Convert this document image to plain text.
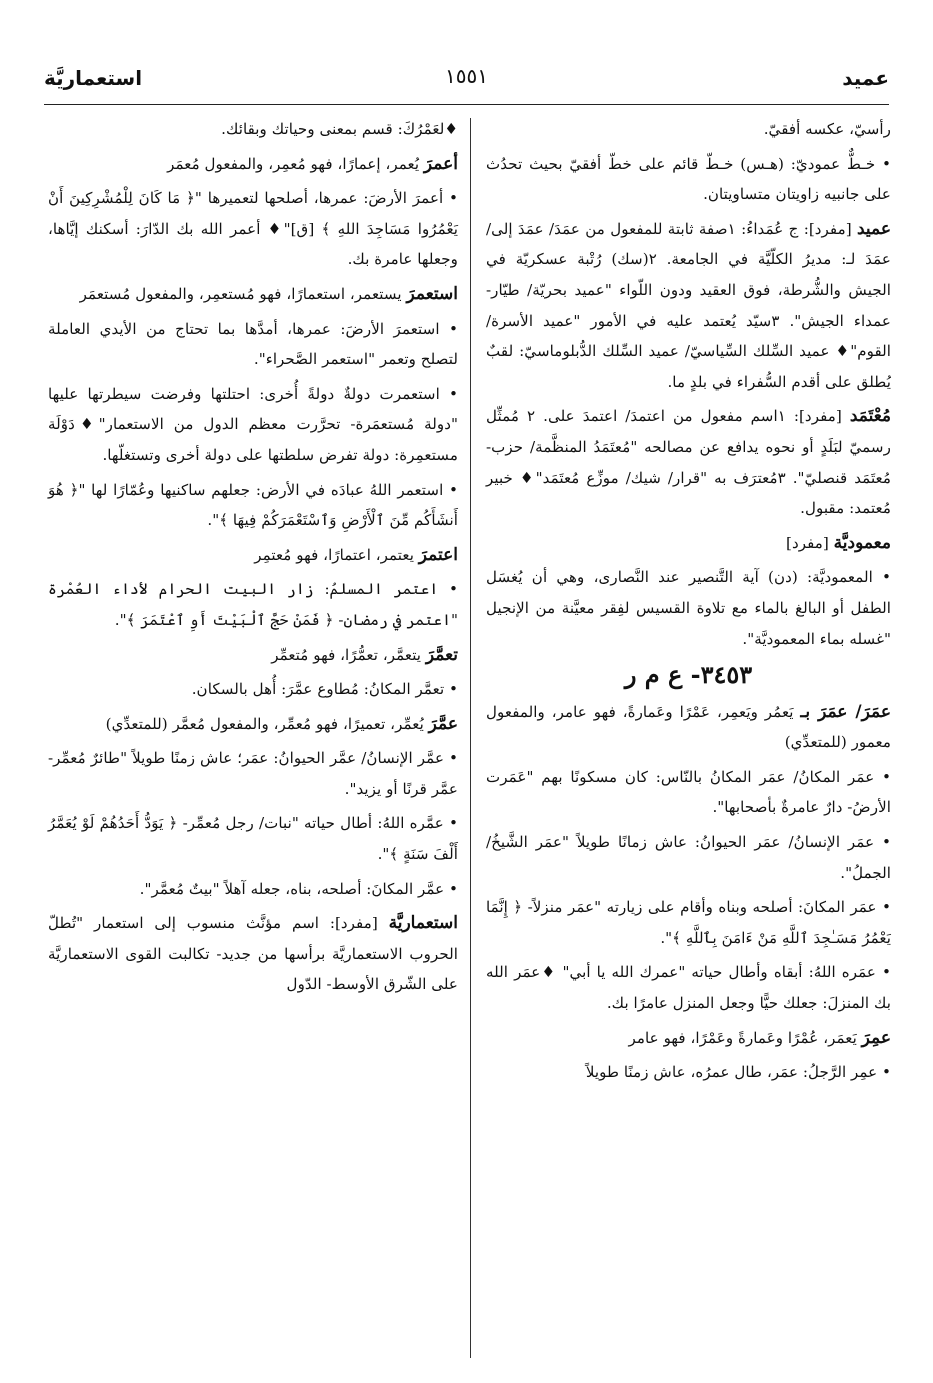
عميد
١٥٥١
استعماريَّة

رأسيّ، عكسه أفقيّ.

• خـطٌّ عموديّ: (هـس) خـطّ قائم على خطّ أفقيّ بحيث تحدُث على جانبيه زاويتان متساويتان.

عميد [مفرد]: ج عُمَداءُ: ١صفة ثابتة للمفعول من عمَدَ/ عمَدَ إلى/ عمَدَ لـ: مديرُ الكلّيَّة في الجامعة. ٢(سك) رُتْبة عسكريّة في الجيش والشُّرطة، فوق العقيد ودون اللّواء "عميد بحريّة/ طيّار- عمداء الجيش". ٣سيّد يُعتمد عليه في الأمور "عميد الأسرة/ القوم"♦ عميد السِّلك السِّياسيّ/ عميد السِّلك الدُّبلوماسيّ: لقبٌ يُطلق على أقدم السُّفراء في بلدٍ ما.

مُعْتَمَد [مفرد]: ١اسم مفعول من اعتمدَ/ اعتمدَ على. ٢ مُمثِّل رسميّ لبَلَدٍ أو نحوه يدافع عن مصالحه "مُعتَمَدُ المنظَّمة/ حزب- مُعتَمَد قنصليّ". ٣مُعترَف به "قرار/ شيك/ موزِّع مُعتَمَد"♦ خبير مُعتمد: مقبول.

معموديَّة [مفرد]

• المعموديَّة: (دن) آية التَّنصير عند النَّصارى، وهي أن يُغسَل الطفل أو البالغ بالماء مع تلاوة القسيس لفِقر معيَّنة من الإنجيل "غسله بماء المعموديَّة".

٣٤٥٣- ع م ر

عمَرَ/ عمَرَ بـ يَعمُر ويَعمِر، عَمْرًا وعَمارةً، فهو عامر، والمفعول معمور (للمتعدِّي)

• عمَر المكانُ/ عمَر المكانُ بالنّاس: كان مسكونًا بهم "عَمَرت الأرضُ- دارٌ عامرةٌ بأصحابها".

• عمَر الإنسانُ/ عمَر الحيوانُ: عاش زمانًا طويلاً "عمَر الشَّيخُ/ الجملُ".

• عمَر المكانَ: أصلحه وبناه وأقام على زيارته "عمَر منزلاً- ﴿ إِنَّمَا يَعْمُرُ مَسَـٰجِدَ ٱللَّهِ مَنْ ءَامَنَ بِٱللَّهِ ﴾".

• عمَره اللهُ: أبقاه وأطال حياته "عمرك الله يا أبي" ♦عمَر الله بك المنزلَ: جعلك حيًّا وجعل المنزل عامرًا بك.

عمِرَ يَعمَر، عُمْرًا وعَمارةً وعَمْرًا، فهو عامر

• عمِر الرَّجلُ: عمَر، طال عمرُه، عاش زمنًا طويلاً

♦لعَمْرُكَ: قسم بمعنى وحياتك وبقائك.

أعمرَ يُعمر، إعمارًا، فهو مُعمِر، والمفعول مُعمَر

• أعمرَ الأرضَ: عمرها، أصلحها لتعميرها "﴿ مَا كَانَ لِلْمُشْرِكِينَ أَنْ يَعْمُرُوا مَسَاجِدَ اللهِ ﴾ [ق]"♦ أعمر الله بك الدّارَ: أسكنك إيَّاها، وجعلها عامرة بك.

استعمرَ يستعمر، استعمارًا، فهو مُستعمِر، والمفعول مُستعمَر

• استعمرَ الأرضَ: عمرها، أمدَّها بما تحتاج من الأيدي العاملة لتصلح وتعمر "استعمر الصَّحراء".

• استعمرت دولةٌ دولةً أُخرى: احتلتها وفرضت سيطرتها عليها "دولة مُستعمَرة- تحرَّرت معظم الدول من الاستعمار"♦دَوْلَة مستعمِرة: دولة تفرض سلطتها على دولة أخرى وتستغلّها.

• استعمر اللهُ عبادَه في الأرض: جعلهم ساكنيها وعُمّارًا لها "﴿ هُوَ أَنشَأَكُم مِّنَ ٱلْأَرْضِ وَٱسْتَعْمَرَكُمْ فِيهَا ﴾".

اعتمرَ يعتمر، اعتمارًا، فهو مُعتمِر

• اعتمر المسلمُ: زار البيت الحرام لأداء العُمْرة "اعتمر في رمضان- ﴿ فَمَنْ حَجَّ ٱلْبَيْتَ أَوِ ٱعْتَمَرَ ﴾".

تعمَّرَ يتعمَّر، تعمُّرًا، فهو مُتعمِّر

• تعمَّر المكانُ: مُطاوع عمَّرَ: أُهل بالسكان.

عمَّرَ يُعمِّر، تعميرًا، فهو مُعمِّر، والمفعول مُعمَّر (للمتعدِّي)

• عمَّر الإنسانُ/ عمَّر الحيوانُ: عمَر؛ عاش زمنًا طويلاً "طائرٌ مُعمِّر- عمَّر قرنًا أو يزيد".

• عمَّره اللهُ: أطال حياته "نبات/ رجل مُعمِّر- ﴿ يَوَدُّ أَحَدُهُمْ لَوْ يُعَمَّرُ أَلْفَ سَنَةٍ ﴾".

• عمَّر المكانَ: أصلحه، بناه، جعله آهلاً "بيتٌ مُعمَّر".

استعماريَّة [مفرد]: اسم مؤنَّث منسوب إلى استعمار "تُطلّ الحروب الاستعماريَّة برأسها من جديد- تكالبت القوى الاستعماريَّة على الشّرق الأوسط- الدّول
